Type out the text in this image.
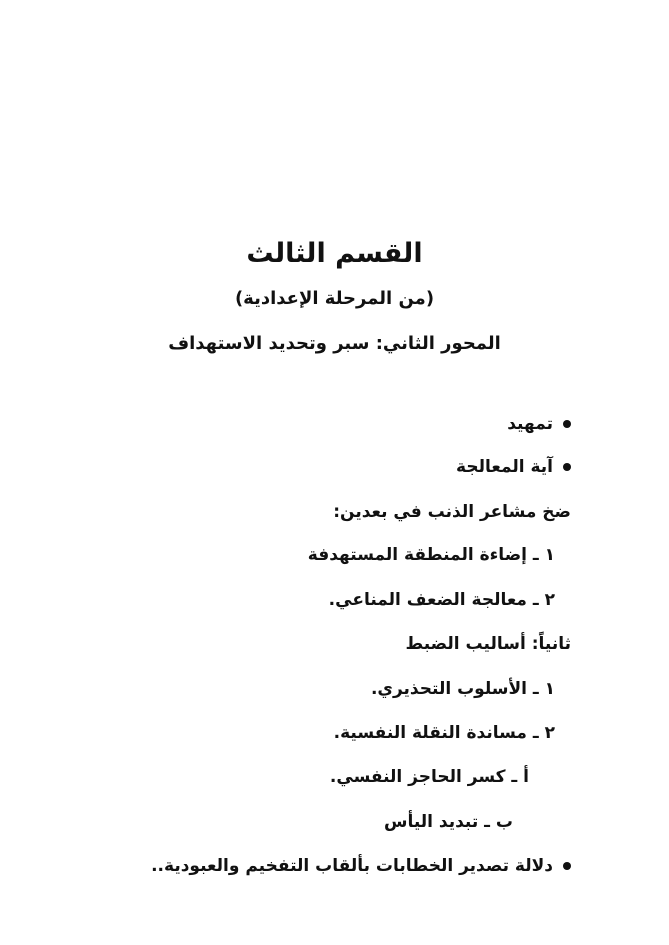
القسم الثالث
(من المرحلة الإعدادية)
المحور الثاني: سبر وتحديد الاستهداف
تمهيد
آية المعالجة
ضخ مشاعر الذنب في بعدين:
١ ـ إضاءة المنطقة المستهدفة
٢ ـ معالجة الضعف المناعي.
ثانياً: أساليب الضبط
١ ـ الأسلوب التحذيري.
٢ ـ مساندة النقلة النفسية.
أ ـ كسر الحاجز النفسي.
ب ـ تبديد اليأس
دلالة تصدير الخطابات بألقاب التفخيم والعبودية..
